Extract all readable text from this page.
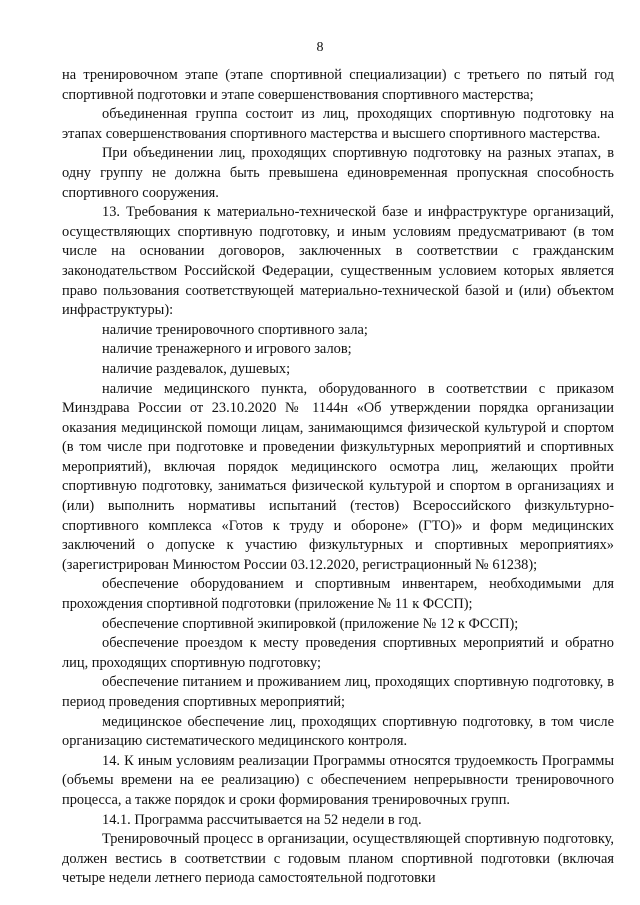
8

на тренировочном этапе (этапе спортивной специализации) с третьего по пятый год спортивной подготовки и этапе совершенствования спортивного мастерства;

объединенная группа состоит из лиц, проходящих спортивную подготовку на этапах совершенствования спортивного мастерства и высшего спортивного мастерства.

При объединении лиц, проходящих спортивную подготовку на разных этапах, в одну группу не должна быть превышена единовременная пропускная способность спортивного сооружения.

13. Требования к материально-технической базе и инфраструктуре организаций, осуществляющих спортивную подготовку, и иным условиям предусматривают (в том числе на основании договоров, заключенных в соответствии с гражданским законодательством Российской Федерации, существенным условием которых является право пользования соответствующей материально-технической базой и (или) объектом инфраструктуры):

наличие тренировочного спортивного зала;

наличие тренажерного и игрового залов;

наличие раздевалок, душевых;

наличие медицинского пункта, оборудованного в соответствии с приказом Минздрава России от 23.10.2020 № 1144н «Об утверждении порядка организации оказания медицинской помощи лицам, занимающимся физической культурой и спортом (в том числе при подготовке и проведении физкультурных мероприятий и спортивных мероприятий), включая порядок медицинского осмотра лиц, желающих пройти спортивную подготовку, заниматься физической культурой и спортом в организациях и (или) выполнить нормативы испытаний (тестов) Всероссийского физкультурно-спортивного комплекса «Готов к труду и обороне» (ГТО)» и форм медицинских заключений о допуске к участию физкультурных и спортивных мероприятиях» (зарегистрирован Минюстом России 03.12.2020, регистрационный № 61238);

обеспечение оборудованием и спортивным инвентарем, необходимыми для прохождения спортивной подготовки (приложение № 11 к ФССП);

обеспечение спортивной экипировкой (приложение № 12 к ФССП);

обеспечение проездом к месту проведения спортивных мероприятий и обратно лиц, проходящих спортивную подготовку;

обеспечение питанием и проживанием лиц, проходящих спортивную подготовку, в период проведения спортивных мероприятий;

медицинское обеспечение лиц, проходящих спортивную подготовку, в том числе организацию систематического медицинского контроля.

14. К иным условиям реализации Программы относятся трудоемкость Программы (объемы времени на ее реализацию) с обеспечением непрерывности тренировочного процесса, а также порядок и сроки формирования тренировочных групп.

14.1. Программа рассчитывается на 52 недели в год.

Тренировочный процесс в организации, осуществляющей спортивную подготовку, должен вестись в соответствии с годовым планом спортивной подготовки (включая четыре недели летнего периода самостоятельной подготовки
